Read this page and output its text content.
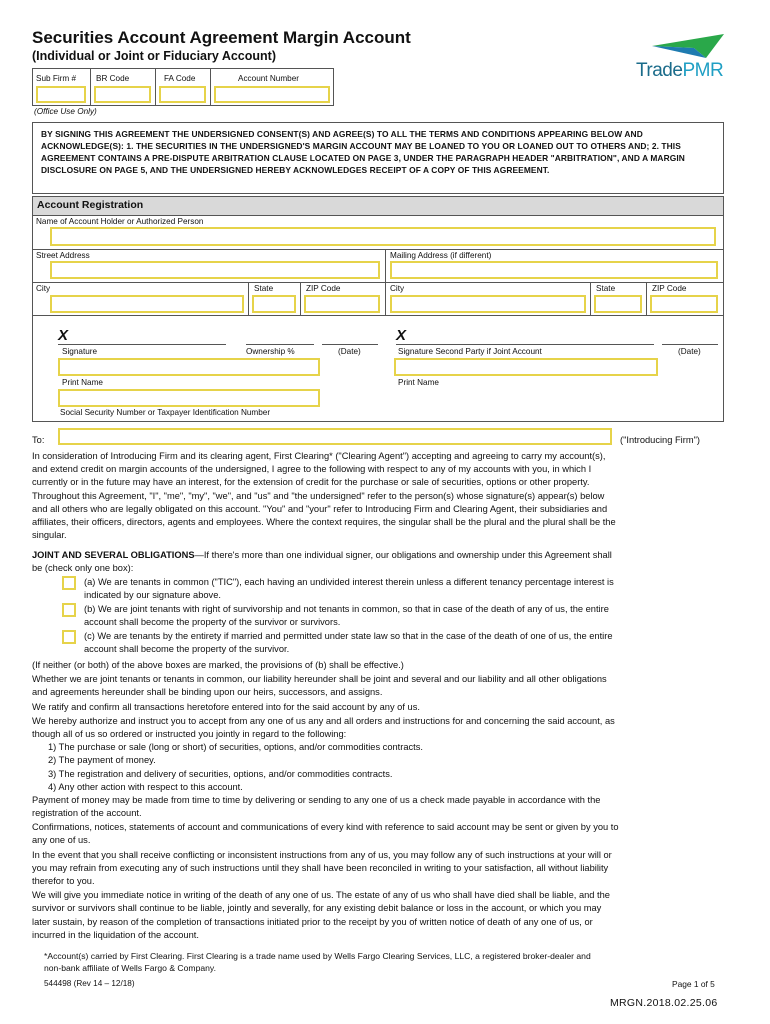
Securities Account Agreement Margin Account
(Individual or Joint or Fiduciary Account)
TradePMR
Sub Firm # BR Code	FA Code	Account Number
(Office Use Only)
BY SIGNING THIS AGREEMENT THE UNDERSIGNED CONSENT(S) AND AGREE(S) TO ALL THE TERMS AND CONDITIONS APPEARING BELOW AND ACKNOWLEDGE(S): 1. THE SECURITIES IN THE UNDERSIGNED'S MARGIN ACCOUNT MAY BE LOANED TO YOU OR LOANED OUT TO OTHERS AND; 2. THIS AGREEMENT CONTAINS A PRE-DISPUTE ARBITRATION CLAUSE LOCATED ON PAGE 3, UNDER THE PARAGRAPH HEADER "ARBITRATION", AND A MARGIN DISCLOSURE ON PAGE 5, AND THE UNDERSIGNED HEREBY ACKNOWLEDGES RECEIPT OF A COPY OF THIS AGREEMENT.
Account Registration
Name of Account Holder or Authorized Person
Street Address	Mailing Address (if different)
City	State	ZIP Code	City	State	ZIP Code
X	X
Signature	Ownership %	(Date)	Signature Second Party if Joint Account	(Date)
Print Name	Print Name
Social Security Number or Taxpayer Identification Number
To:	("Introducing Firm")
In consideration of Introducing Firm and its clearing agent, First Clearing* ("Clearing Agent") accepting and agreeing to carry my account(s),
and extend credit on margin accounts of the undersigned, I agree to the following with respect to any of my accounts with you, in which I
currently or in the future may have an interest, for the extension of credit for the purchase or sale of securities, options or other property.
Throughout this Agreement, "I", "me", "my", "we", and "us" and "the undersigned" refer to the person(s) whose signature(s) appear(s) below
and all others who are legally obligated on this account. "You" and "your" refer to Introducing Firm and Clearing Agent, their subsidiaries and
affiliates, their officers, directors, agents and employees. Where the context requires, the singular shall be the plural and the plural shall be the
singular.
JOINT AND SEVERAL OBLIGATIONS—If there's more than one individual signer, our obligations and ownership under this Agreement shall
be (check only one box):
(a) We are tenants in common ("TIC"), each having an undivided interest therein unless a different tenancy percentage interest is
indicated by our signature above.
(b) We are joint tenants with right of survivorship and not tenants in common, so that in case of the death of any of us, the entire
account shall become the property of the survivor or survivors.
(c) We are tenants by the entirety if married and permitted under state law so that in the case of the death of one of us, the entire
account shall become the property of the survivor.
(If neither (or both) of the above boxes are marked, the provisions of (b) shall be effective.)
Whether we are joint tenants or tenants in common, our liability hereunder shall be joint and several and our liability and all other obligations
and agreements hereunder shall be binding upon our heirs, successors, and assigns.
We ratify and confirm all transactions heretofore entered into for the said account by any of us.
We hereby authorize and instruct you to accept from any one of us any and all orders and instructions for and concerning the said account, as
though all of us so ordered or instructed you jointly in regard to the following:
1) The purchase or sale (long or short) of securities, options, and/or commodities contracts.
2) The payment of money.
3) The registration and delivery of securities, options, and/or commodities contracts.
4) Any other action with respect to this account.
Payment of money may be made from time to time by delivering or sending to any one of us a check made payable in accordance with the
registration of the account.
Confirmations, notices, statements of account and communications of every kind with reference to said account may be sent or given by you to
any one of us.
In the event that you shall receive conflicting or inconsistent instructions from any of us, you may follow any of such instructions at your will or
you may refrain from executing any of such instructions until they shall have been reconciled in writing to your satisfaction, all without liability
therefor to you.
We will give you immediate notice in writing of the death of any one of us. The estate of any of us who shall have died shall be liable, and the
survivor or survivors shall continue to be liable, jointly and severally, for any existing debit balance or loss in the account, or which you may
later sustain, by reason of the completion of transactions initiated prior to the receipt by you of written notice of death of any one of us, or
incurred in the liquidation of the account.
*Account(s) carried by First Clearing. First Clearing is a trade name used by Wells Fargo Clearing Services, LLC, a registered broker-dealer and
non-bank affiliate of Wells Fargo & Company.
544498 (Rev 14 – 12/18)	Page 1 of 5
MRGN.2018.02.25.06
